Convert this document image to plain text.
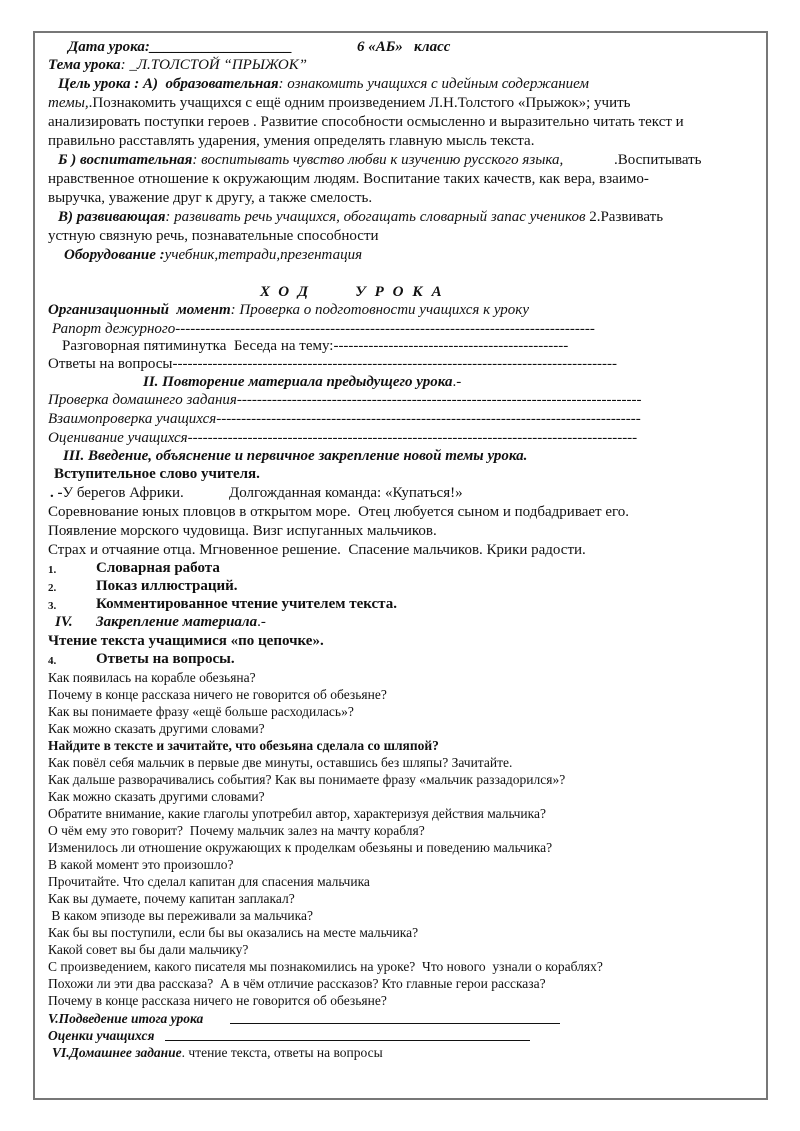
Дата урока:___________________	6 «АБ»   класс
Тема урока: _Л.ТОЛСТОЙ “ПРЫЖОК”
Цель урока : А)  образовательная: ознакомить учащихся с идейным содержанием
темы,.Познакомить учащихся с ещё одним произведением Л.Н.Толстого «Прыжок»; учить
анализировать поступки героев . Развитие способности осмысленно и выразительно читать текст и
правильно расставлять ударения, умения определять главную мысль текста.
Б ) воспитательная: воспитывать чувство любви к изучению русского языка,	.Воспитывать
нравственное отношение к окружающим людям. Воспитание таких качеств, как вера, взаимо-
выручка, уважение друг к другу, а также смелость.
В) развивающая: развивать речь учащихся, обогащать словарный запас учеников 2.Развивать
устную связную речь, познавательные способности
Оборудование :учебник,тетради,презентация
ХОД   УРОКА
Организационный  момент: Проверка о подготовности учащихся к уроку
Рапорт дежурного------------------------------------------------------------------------------------
Разговорная пятиминутка  Беседа на тему:-----------------------------------------------
Ответы на вопросы-----------------------------------------------------------------------------------------
II. Повторение материала предыдущего урока.-
Проверка домашнего задания---------------------------------------------------------------------------------
Взаимопроверка учащихся-------------------------------------------------------------------------------------
Оценивание учащихся------------------------------------------------------------------------------------------
III. Введение, объяснение и первичное закрепление новой темы урока.
Вступительное слово учителя.
. -У берегов Африки.	Долгожданная команда: «Купаться!»
Соревнование юных пловцов в открытом море.  Отец любуется сыном и подбадривает его.
Появление морского чудовища. Визг испуганных мальчиков.
Страх и отчаяние отца. Мгновенное решение.  Спасение мальчиков. Крики радости.
1.	Словарная работа
2.	Показ иллюстраций.
3.	Комментированное чтение учителем текста.
IV. Закрепление материала.-
Чтение текста учащимися «по цепочке».
4.	Ответы на вопросы.
Как появилась на корабле обезьяна?
Почему в конце рассказа ничего не говорится об обезьяне?
Как вы понимаете фразу «ещё больше расходилась»?
Как можно сказать другими словами?
Найдите в тексте и зачитайте, что обезьяна сделала со шляпой?
Как повёл себя мальчик в первые две минуты, оставшись без шляпы? Зачитайте.
Как дальше разворачивались события? Как вы понимаете фразу «мальчик раззадорился»?
Как можно сказать другими словами?
Обратите внимание, какие глаголы употребил автор, характеризуя действия мальчика?
О чём ему это говорит?  Почему мальчик залез на мачту корабля?
Изменилось ли отношение окружающих к проделкам обезьяны и поведению мальчика?
В какой момент это произошло?
Прочитайте. Что сделал капитан для спасения мальчика
Как вы думаете, почему капитан заплакал?
В каком эпизоде вы переживали за мальчика?
Как бы вы поступили, если бы вы оказались на месте мальчика?
Какой совет вы бы дали мальчику?
С произведением, какого писателя мы познакомились на уроке?  Что нового  узнали о кораблях?
Похожи ли эти два рассказа?  А в чём отличие рассказов? Кто главные герои рассказа?
Почему в конце рассказа ничего не говорится об обезьяне?
V.Подведение итога урока
Оценки учащихся
VI.Домашнее задание. чтение текста, ответы на вопросы
